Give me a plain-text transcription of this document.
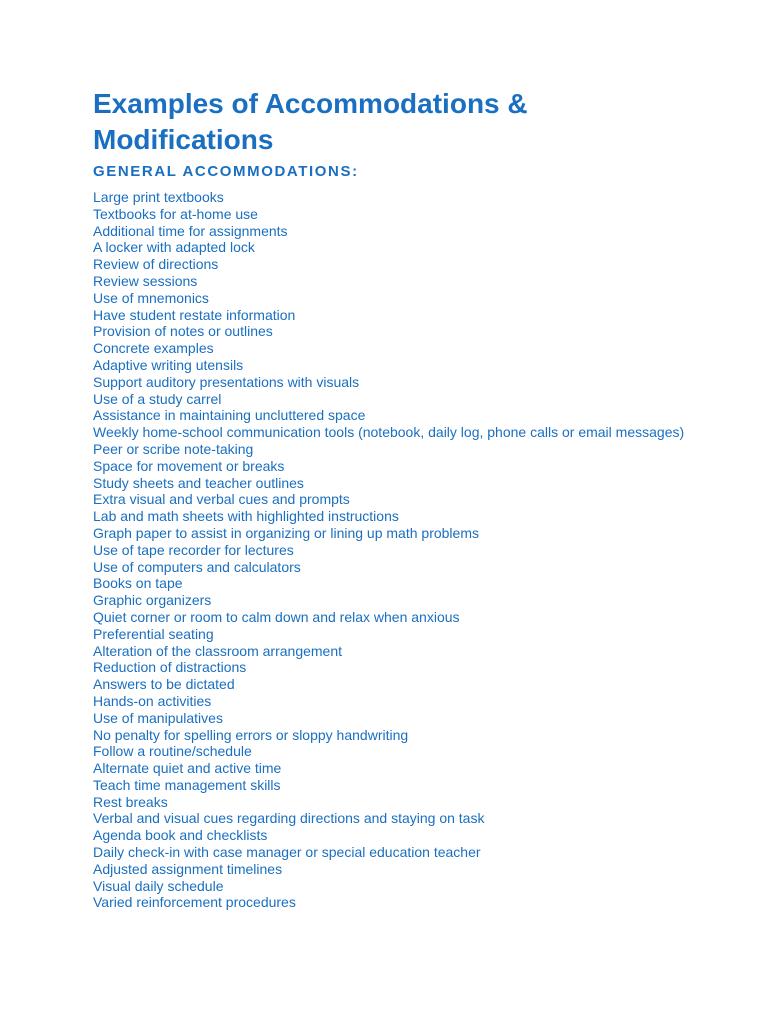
Examples of Accommodations &
Modifications
GENERAL ACCOMMODATIONS:
Large print textbooks
Textbooks for at-home use
Additional time for assignments
A locker with adapted lock
Review of directions
Review sessions
Use of mnemonics
Have student restate information
Provision of notes or outlines
Concrete examples
Adaptive writing utensils
Support auditory presentations with visuals
Use of a study carrel
Assistance in maintaining uncluttered space
Weekly home-school communication tools (notebook, daily log, phone calls or email messages)
Peer or scribe note-taking
Space for movement or breaks
Study sheets and teacher outlines
Extra visual and verbal cues and prompts
Lab and math sheets with highlighted instructions
Graph paper to assist in organizing or lining up math problems
Use of tape recorder for lectures
Use of computers and calculators
Books on tape
Graphic organizers
Quiet corner or room to calm down and relax when anxious
Preferential seating
Alteration of the classroom arrangement
Reduction of distractions
Answers to be dictated
Hands-on activities
Use of manipulatives
No penalty for spelling errors or sloppy handwriting
Follow a routine/schedule
Alternate quiet and active time
Teach time management skills
Rest breaks
Verbal and visual cues regarding directions and staying on task
Agenda book and checklists
Daily check-in with case manager or special education teacher
Adjusted assignment timelines
Visual daily schedule
Varied reinforcement procedures
